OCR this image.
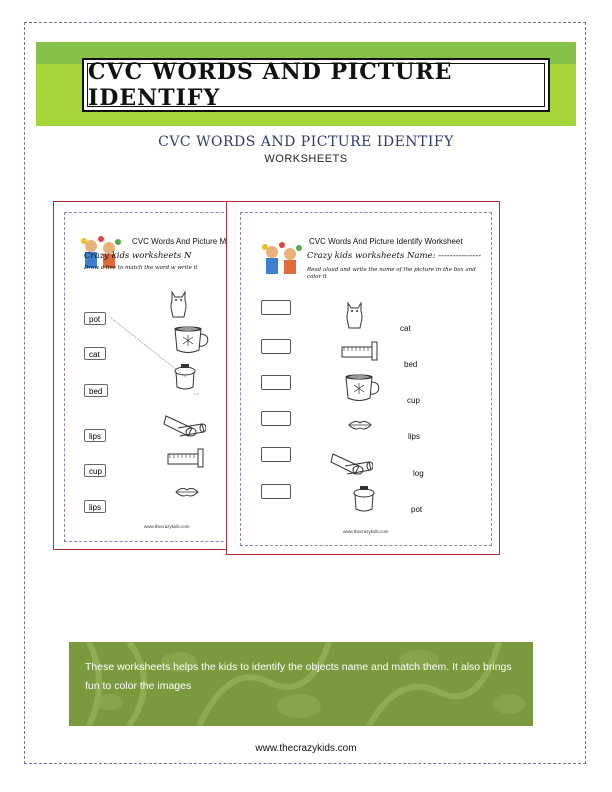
CVC WORDS AND PICTURE IDENTIFY
CVC WORDS AND PICTURE IDENTIFY
WORKSHEETS
CVC Words And Picture M
Crazy kids worksheets N
Draw a line to match the word w write it
pot
cat
bed
lips
cup
lips
www.thecrazykids.com
CVC Words And Picture Identify Worksheet
Crazy kids worksheets Name: ---------------
Read aloud and write the name of the picture in the box and color it
cat
bed
cup
lips
log
pot
www.thecrazykids.com
These worksheets helps the kids to identify the objects name and match them. It also brings fun to color the images
www.thecrazykids.com
